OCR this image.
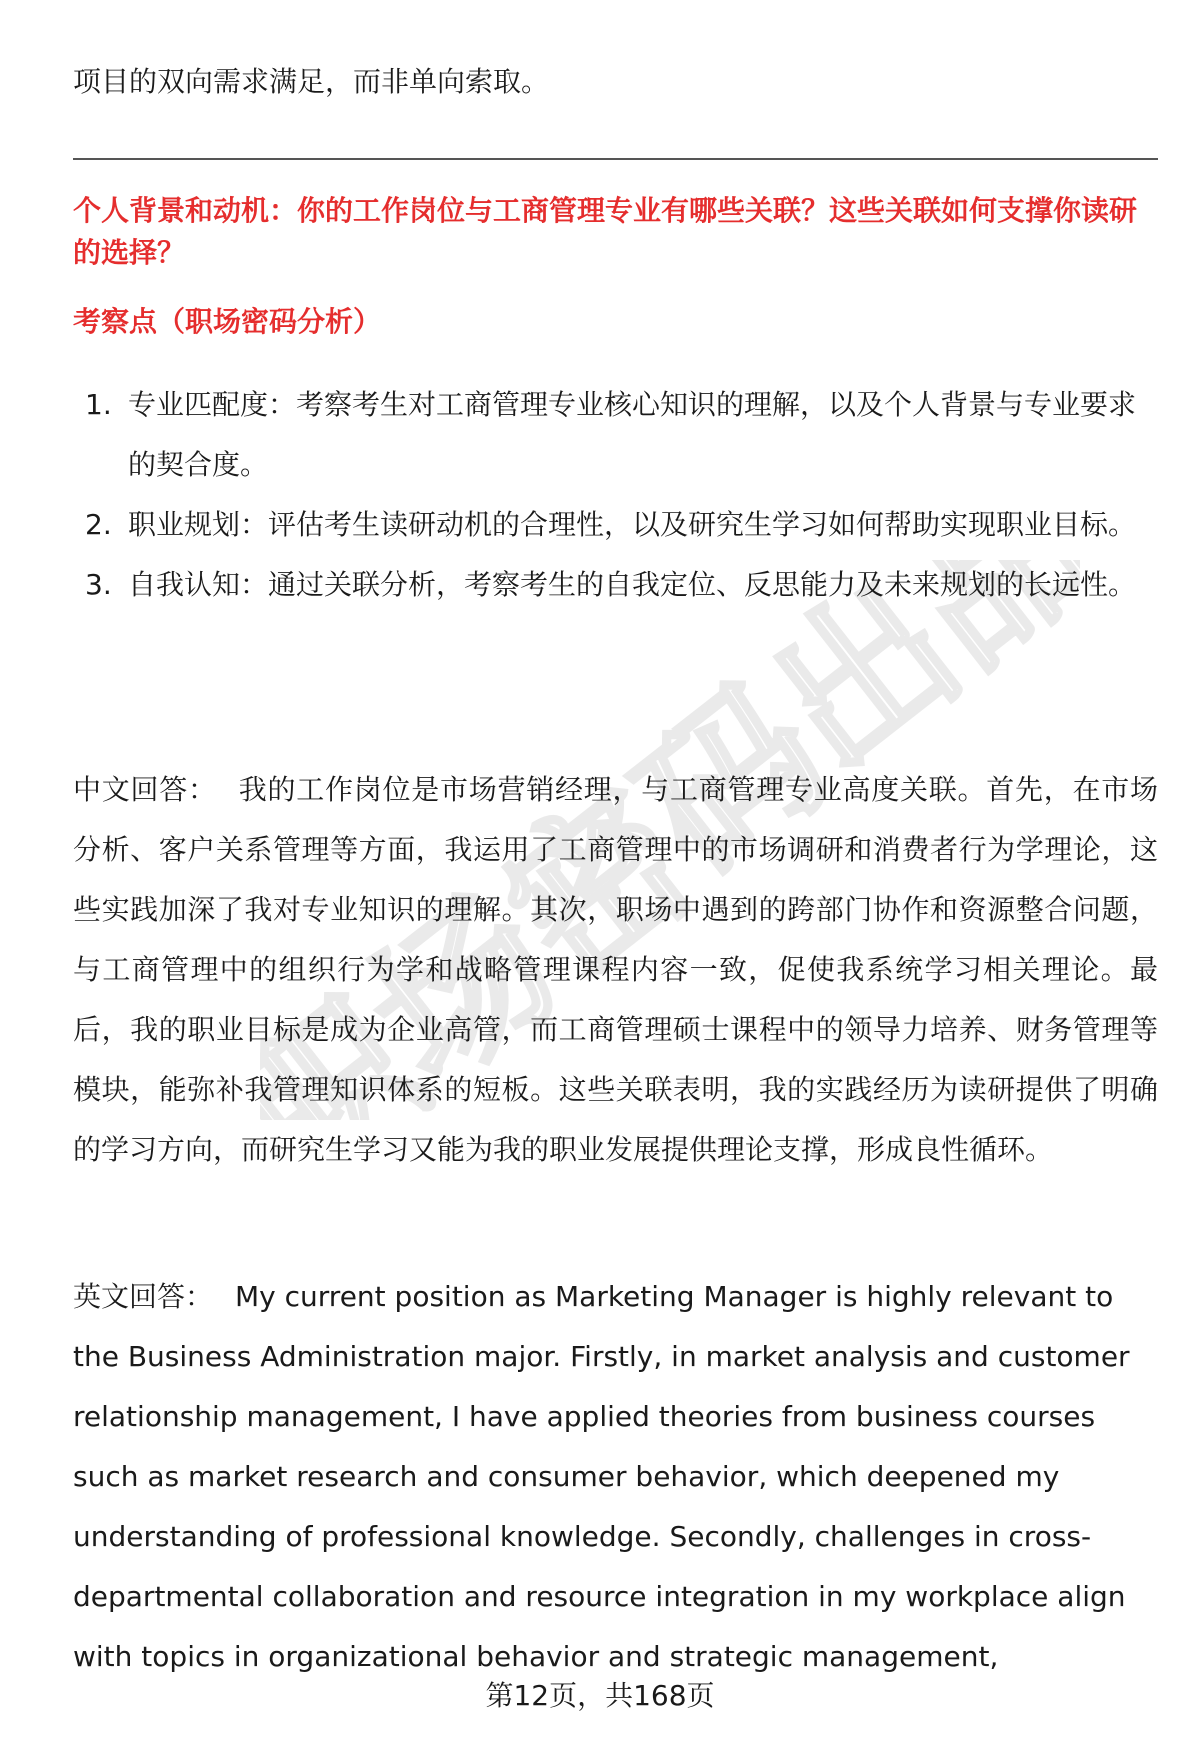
职场密码出品
项目的双向需求满足，而非单向索取。
个人背景和动机：你的工作岗位与工商管理专业有哪些关联？这些关联如何支撑你读研的选择？
考察点（职场密码分析）
1. 专业匹配度：考察考生对工商管理专业核心知识的理解，以及个人背景与专业要求的契合度。
2. 职业规划：评估考生读研动机的合理性，以及研究生学习如何帮助实现职业目标。
3. 自我认知：通过关联分析，考察考生的自我定位、反思能力及未来规划的长远性。
中文回答： 我的工作岗位是市场营销经理，与工商管理专业高度关联。首先，在市场分析、客户关系管理等方面，我运用了工商管理中的市场调研和消费者行为学理论，这些实践加深了我对专业知识的理解。其次，职场中遇到的跨部门协作和资源整合问题，与工商管理中的组织行为学和战略管理课程内容一致，促使我系统学习相关理论。最后，我的职业目标是成为企业高管，而工商管理硕士课程中的领导力培养、财务管理等模块，能弥补我管理知识体系的短板。这些关联表明，我的实践经历为读研提供了明确的学习方向，而研究生学习又能为我的职业发展提供理论支撑，形成良性循环。
英文回答： My current position as Marketing Manager is highly relevant to the Business Administration major. Firstly, in market analysis and customer relationship management, I have applied theories from business courses such as market research and consumer behavior, which deepened my understanding of professional knowledge. Secondly, challenges in cross-departmental collaboration and resource integration in my workplace align with topics in organizational behavior and strategic management,
第12页，共168页
